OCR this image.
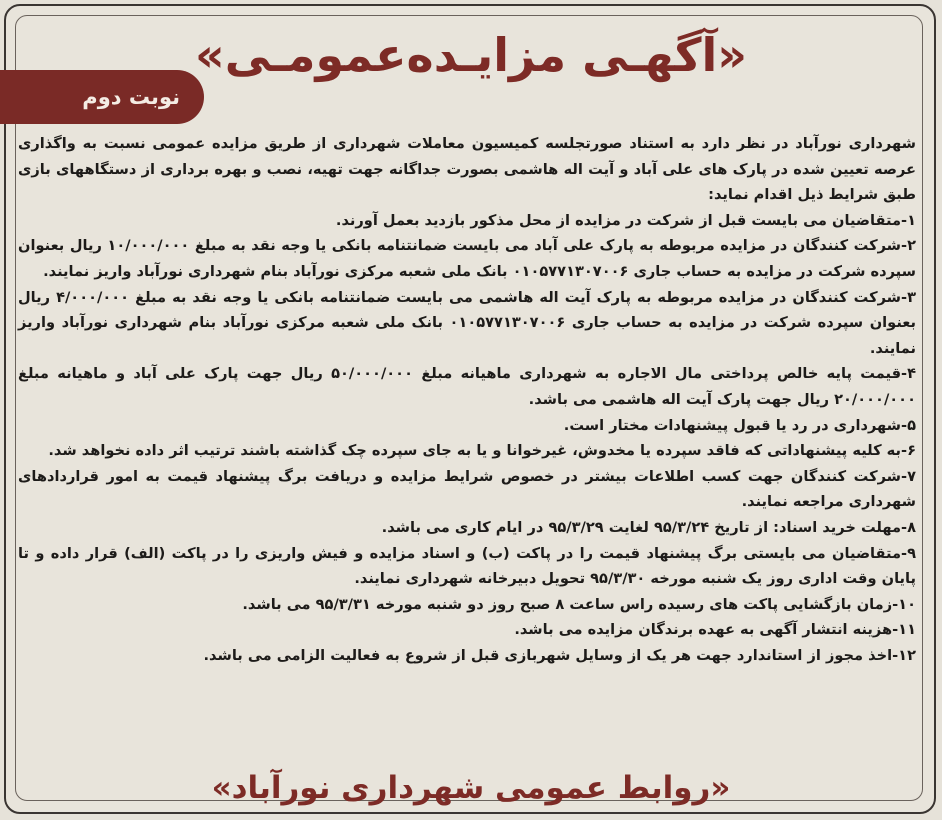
«آگهـی مزایـده‌عمومـی»
نوبت دوم

شهرداری نورآباد در نظر دارد به استناد صورتجلسه کمیسیون معاملات شهرداری از طریق مزایده عمومی نسبت به واگذاری عرصه تعیین شده در پارک های علی آباد و آیت اله هاشمی بصورت جداگانه جهت تهیه، نصب و بهره برداری از دستگاههای بازی طبق شرایط ذیل اقدام نماید:

۱-متقاضیان می بایست قبل از شرکت در مزایده از محل مذکور بازدید بعمل آورند.

۲-شرکت کنندگان در مزایده مربوطه به پارک علی آباد می بایست ضمانتنامه بانکی یا وجه نقد به مبلغ ۱۰/۰۰۰/۰۰۰ ریال بعنوان سپرده شرکت در مزایده به حساب جاری ۰۱۰۵۷۷۱۳۰۷۰۰۶ بانک ملی شعبه مرکزی نورآباد بنام شهرداری نورآباد واریز نمایند.

۳-شرکت کنندگان در مزایده مربوطه به پارک آیت اله هاشمی می بایست ضمانتنامه بانکی یا وجه نقد به مبلغ ۴/۰۰۰/۰۰۰ ریال بعنوان سپرده شرکت در مزایده به حساب جاری ۰۱۰۵۷۷۱۳۰۷۰۰۶ بانک ملی شعبه مرکزی نورآباد بنام شهرداری نورآباد واریز نمایند.

۴-قیمت پایه خالص پرداختی مال الاجاره به شهرداری ماهیانه مبلغ ۵۰/۰۰۰/۰۰۰ ریال جهت پارک علی آباد و ماهیانه مبلغ ۲۰/۰۰۰/۰۰۰ ریال جهت پارک آیت اله هاشمی می باشد.

۵-شهرداری در رد یا قبول پیشنهادات مختار است.

۶-به کلیه پیشنهاداتی که فاقد سپرده یا مخدوش، غیرخوانا و یا به جای سپرده چک گذاشته باشند ترتیب اثر داده نخواهد شد.

۷-شرکت کنندگان جهت کسب اطلاعات بیشتر در خصوص شرایط مزایده و دریافت برگ پیشنهاد قیمت به امور قراردادهای شهرداری مراجعه نمایند.

۸-مهلت خرید اسناد: از تاریخ ۹۵/۳/۲۴ لغایت ۹۵/۳/۲۹ در ایام کاری می باشد.

۹-متقاضیان می بایستی برگ پیشنهاد قیمت را در پاکت (ب) و اسناد مزایده و فیش واریزی را در پاکت (الف) قرار داده و تا پایان وقت اداری روز یک شنبه مورخه ۹۵/۳/۳۰ تحویل دبیرخانه شهرداری نمایند.

۱۰-زمان بازگشایی پاکت های رسیده راس ساعت ۸ صبح روز دو شنبه مورخه ۹۵/۳/۳۱ می باشد.

۱۱-هزینه انتشار آگهی به عهده برندگان مزایده می باشد.

۱۲-اخذ مجوز از استاندارد جهت هر یک از وسایل شهربازی قبل از شروع به فعالیت الزامی می باشد.

«روابط عمومی شهرداری نورآباد»
